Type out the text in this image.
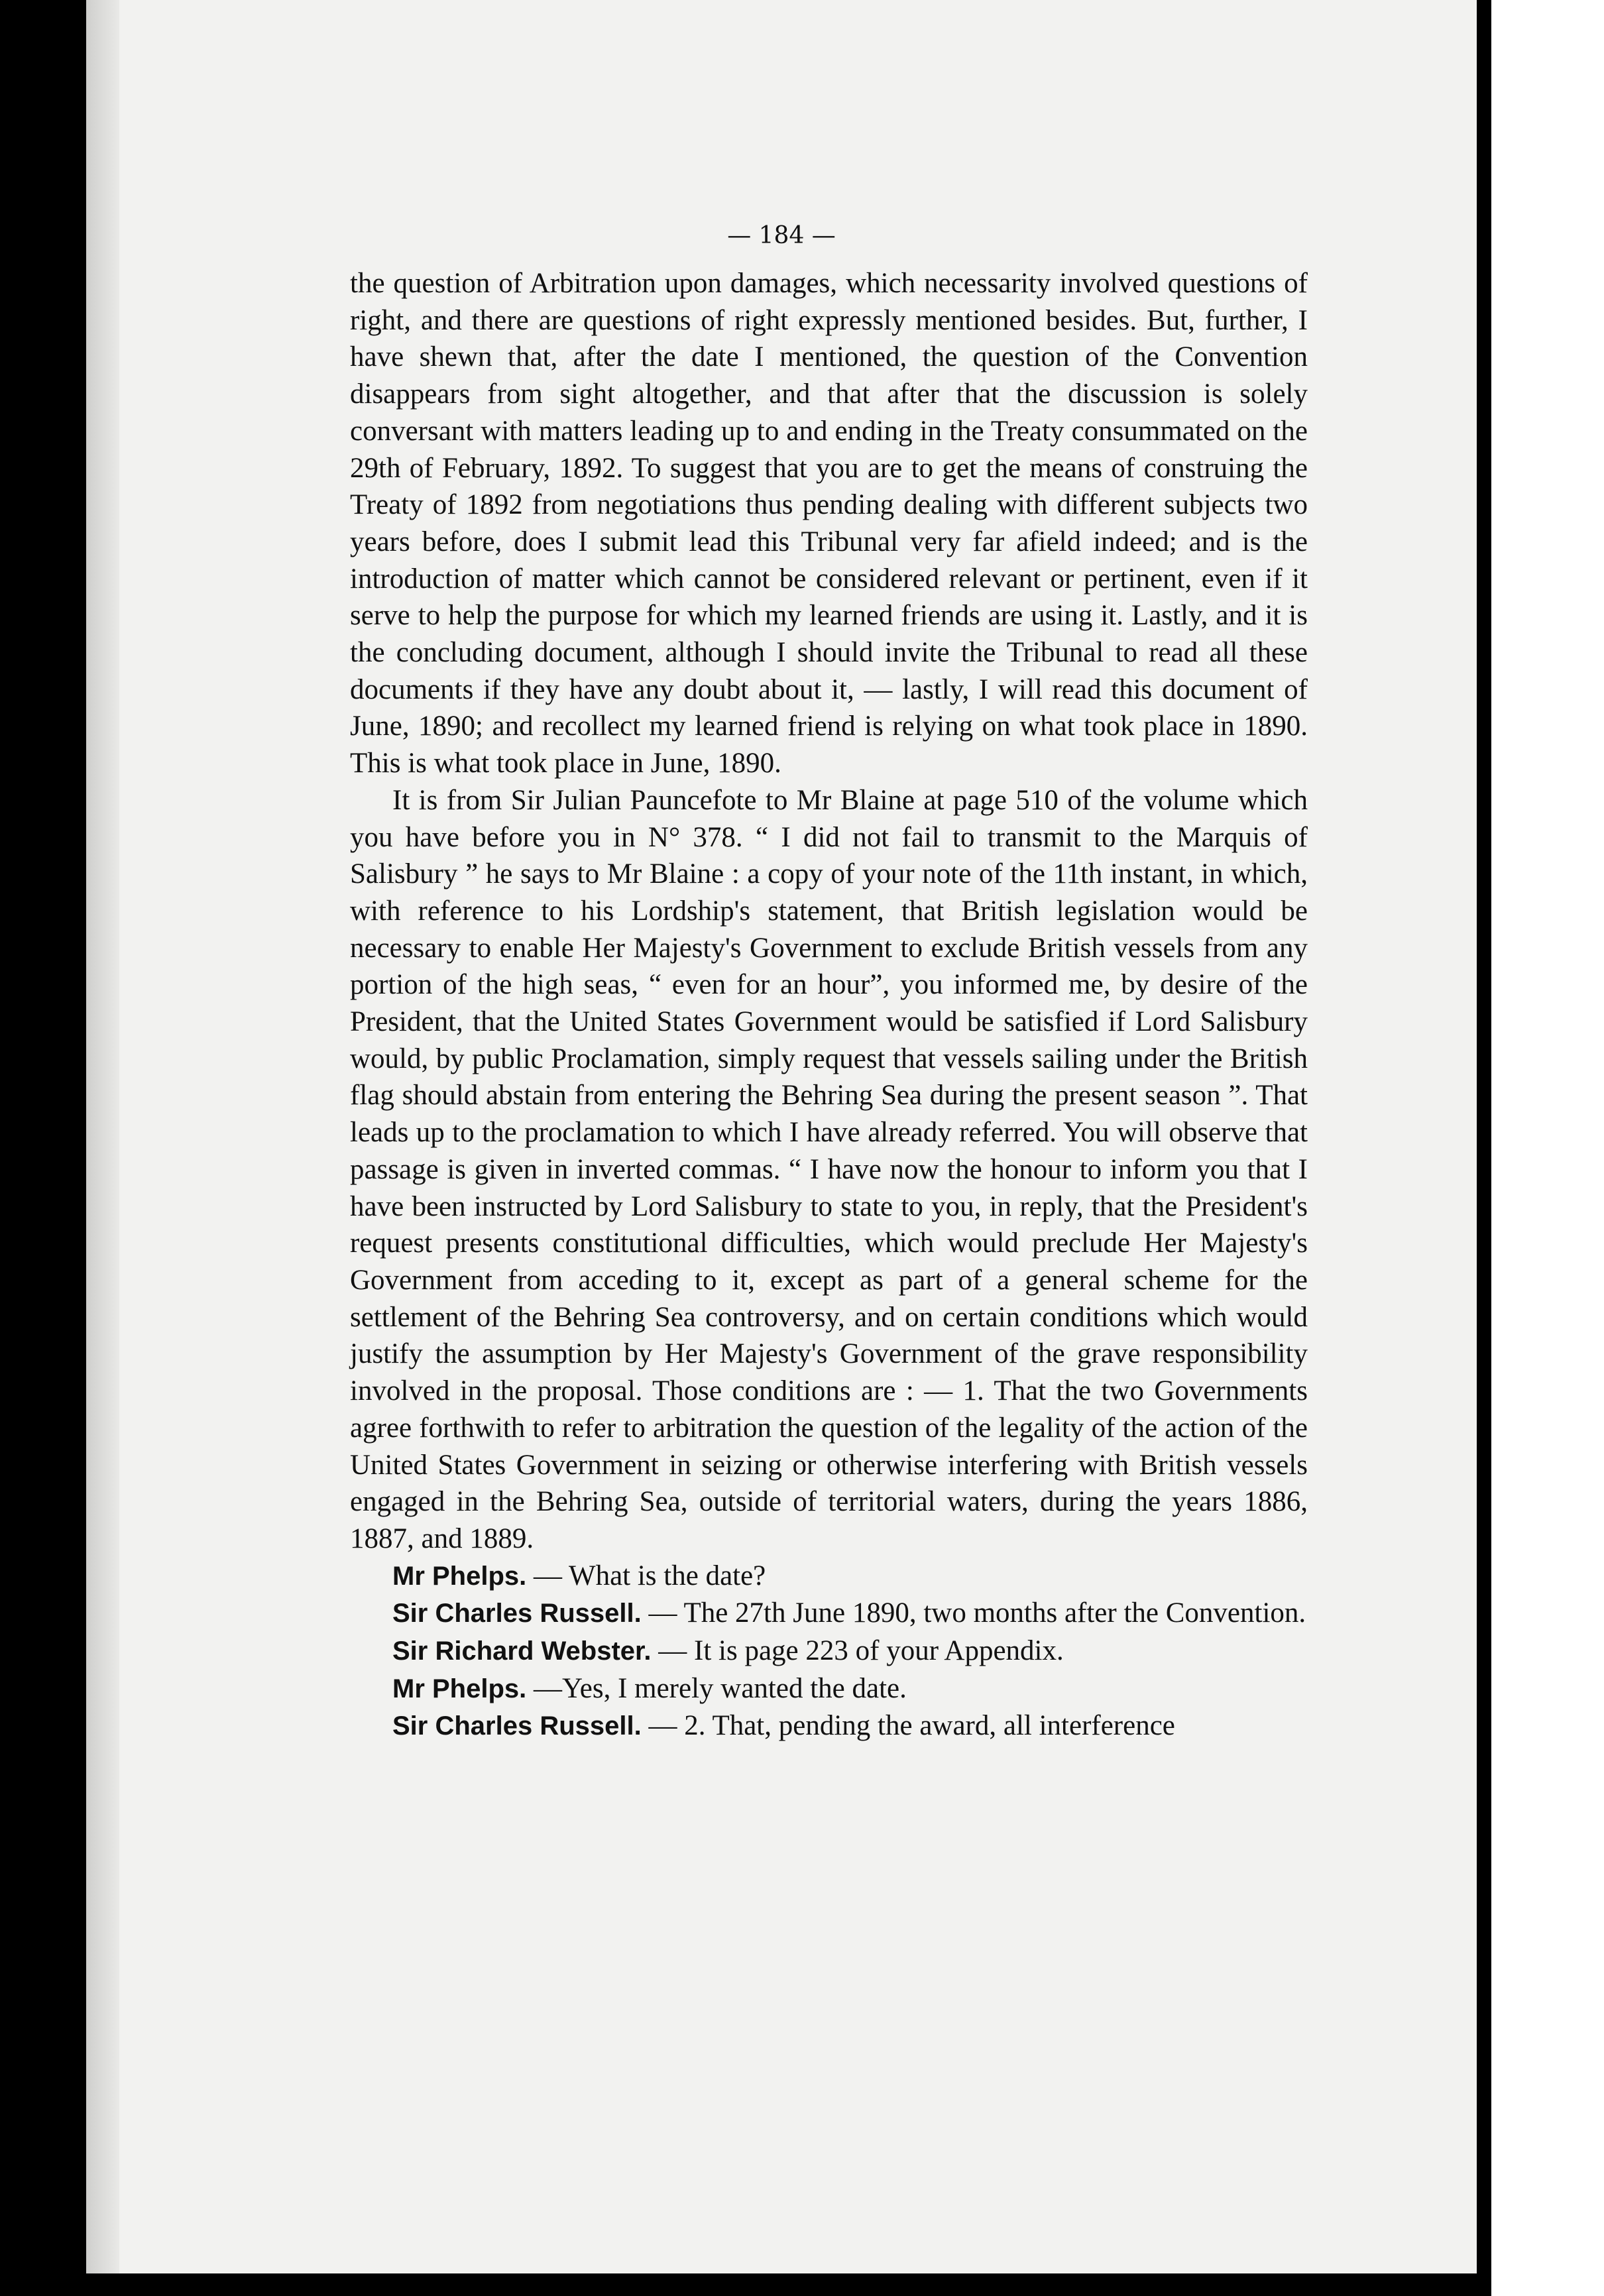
— 184 —

the question of Arbitration upon damages, which necessarity involved questions of right, and there are questions of right expressly mentioned besides. But, further, I have shewn that, after the date I mentioned, the question of the Convention disappears from sight altogether, and that after that the discussion is solely conversant with matters leading up to and ending in the Treaty consummated on the 29th of February, 1892. To suggest that you are to get the means of construing the Treaty of 1892 from negotiations thus pending dealing with different subjects two years before, does I submit lead this Tribunal very far afield indeed; and is the introduction of matter which cannot be considered relevant or pertinent, even if it serve to help the purpose for which my learned friends are using it. Lastly, and it is the concluding document, although I should invite the Tribunal to read all these documents if they have any doubt about it, — lastly, I will read this document of June, 1890; and recollect my learned friend is relying on what took place in 1890. This is what took place in June, 1890.

It is from Sir Julian Pauncefote to Mr Blaine at page 510 of the volume which you have before you in N° 378. “ I did not fail to transmit to the Marquis of Salisbury ” he says to Mr Blaine : a copy of your note of the 11th instant, in which, with reference to his Lordship's statement, that British legislation would be necessary to enable Her Majesty's Government to exclude British vessels from any portion of the high seas, “ even for an hour”, you informed me, by desire of the President, that the United States Government would be satisfied if Lord Salisbury would, by public Proclamation, simply request that vessels sailing under the British flag should abstain from entering the Behring Sea during the present season ”. That leads up to the proclamation to which I have already referred. You will observe that passage is given in inverted commas. “ I have now the honour to inform you that I have been instructed by Lord Salisbury to state to you, in reply, that the President's request presents constitutional difficulties, which would preclude Her Majesty's Government from acceding to it, except as part of a general scheme for the settlement of the Behring Sea controversy, and on certain conditions which would justify the assumption by Her Majesty's Government of the grave responsibility involved in the proposal. Those conditions are : — 1. That the two Governments agree forthwith to refer to arbitration the question of the legality of the action of the United States Government in seizing or otherwise interfering with British vessels engaged in the Behring Sea, outside of territorial waters, during the years 1886, 1887, and 1889.

Mr Phelps. — What is the date?

Sir Charles Russell. — The 27th June 1890, two months after the Convention.

Sir Richard Webster. — It is page 223 of your Appendix.

Mr Phelps. —Yes, I merely wanted the date.

Sir Charles Russell. — 2. That, pending the award, all interference
